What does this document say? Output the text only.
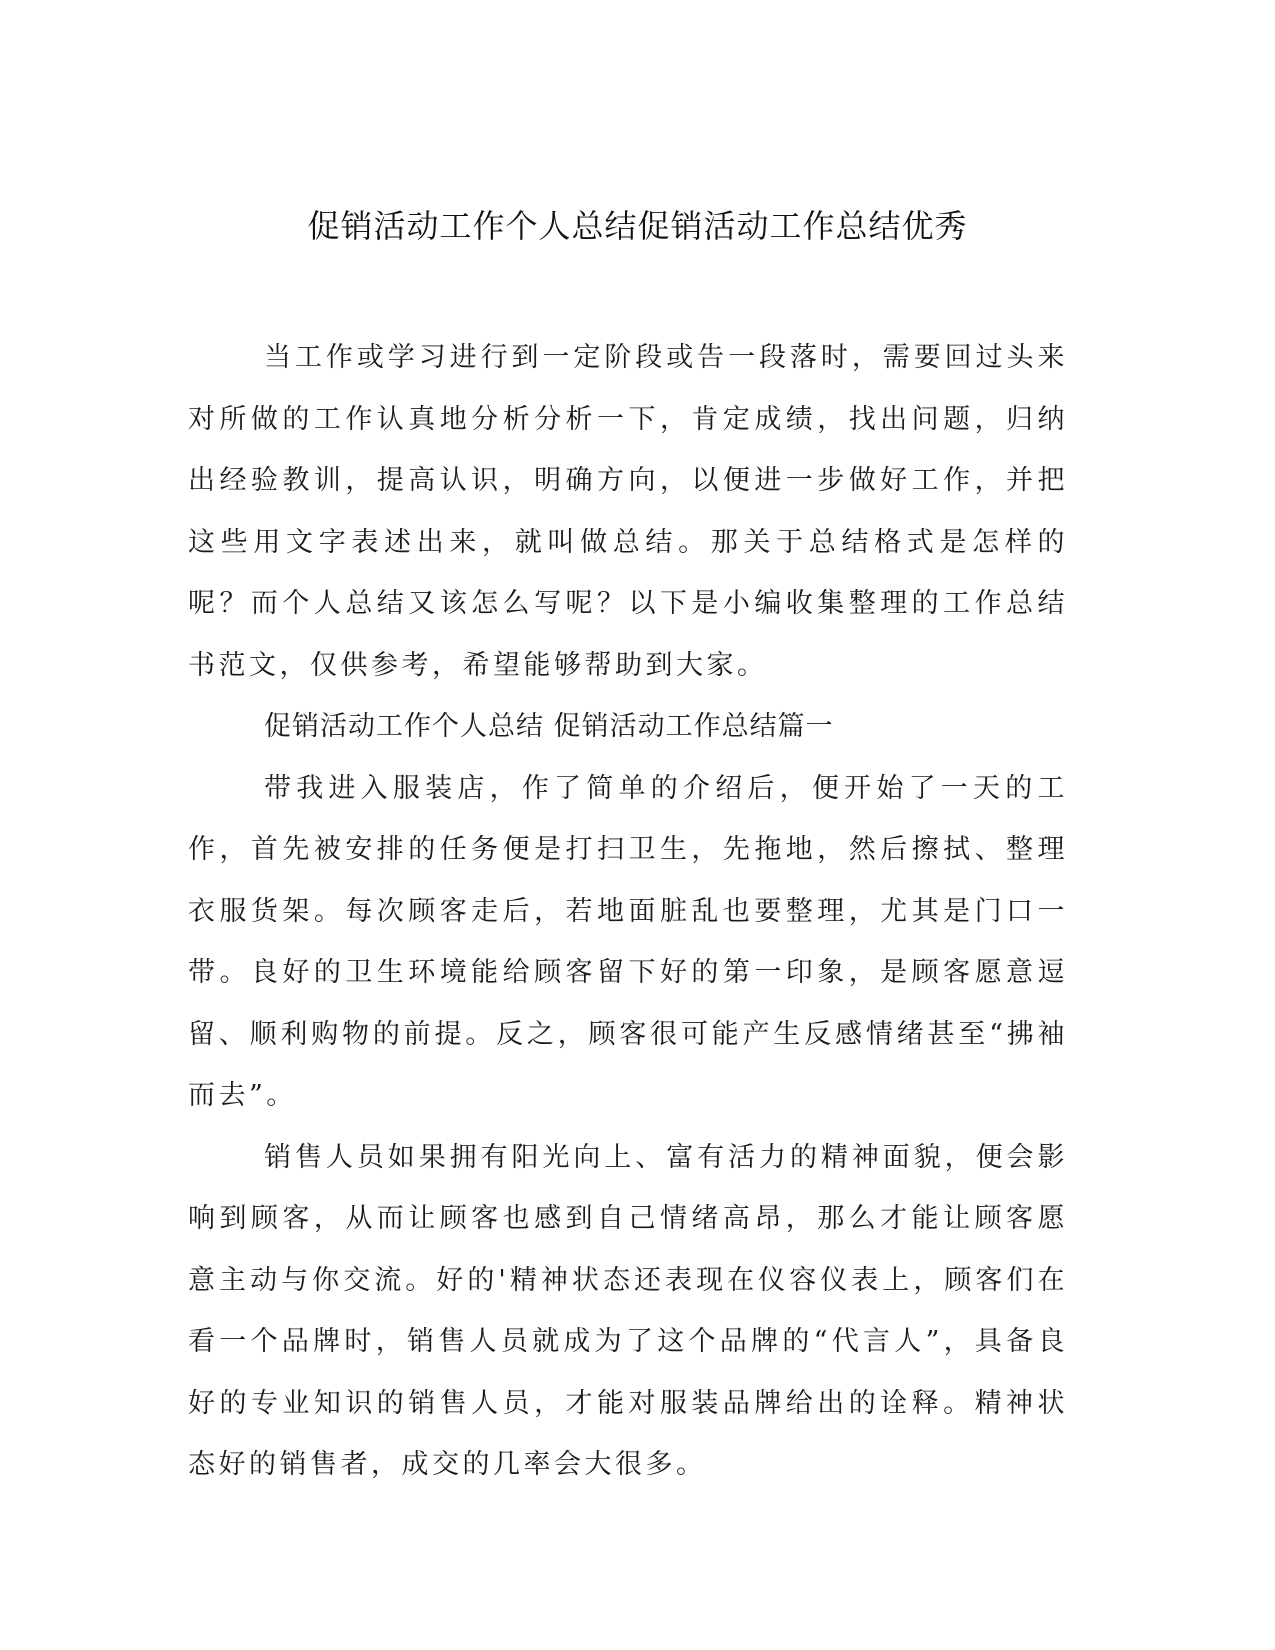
促销活动工作个人总结促销活动工作总结优秀

当工作或学习进行到一定阶段或告一段落时，需要回过头来对所做的工作认真地分析分析一下，肯定成绩，找出问题，归纳出经验教训，提高认识，明确方向，以便进一步做好工作，并把这些用文字表述出来，就叫做总结。那关于总结格式是怎样的呢？而个人总结又该怎么写呢？以下是小编收集整理的工作总结书范文，仅供参考，希望能够帮助到大家。

促销活动工作个人总结 促销活动工作总结篇一

带我进入服装店，作了简单的介绍后，便开始了一天的工作，首先被安排的任务便是打扫卫生，先拖地，然后擦拭、整理衣服货架。每次顾客走后，若地面脏乱也要整理，尤其是门口一带。良好的卫生环境能给顾客留下好的第一印象，是顾客愿意逗留、顺利购物的前提。反之，顾客很可能产生反感情绪甚至“拂袖而去”。

销售人员如果拥有阳光向上、富有活力的精神面貌，便会影响到顾客，从而让顾客也感到自己情绪高昂，那么才能让顾客愿意主动与你交流。好的'精神状态还表现在仪容仪表上，顾客们在看一个品牌时，销售人员就成为了这个品牌的“代言人”，具备良好的专业知识的销售人员，才能对服装品牌给出的诠释。精神状态好的销售者，成交的几率会大很多。
